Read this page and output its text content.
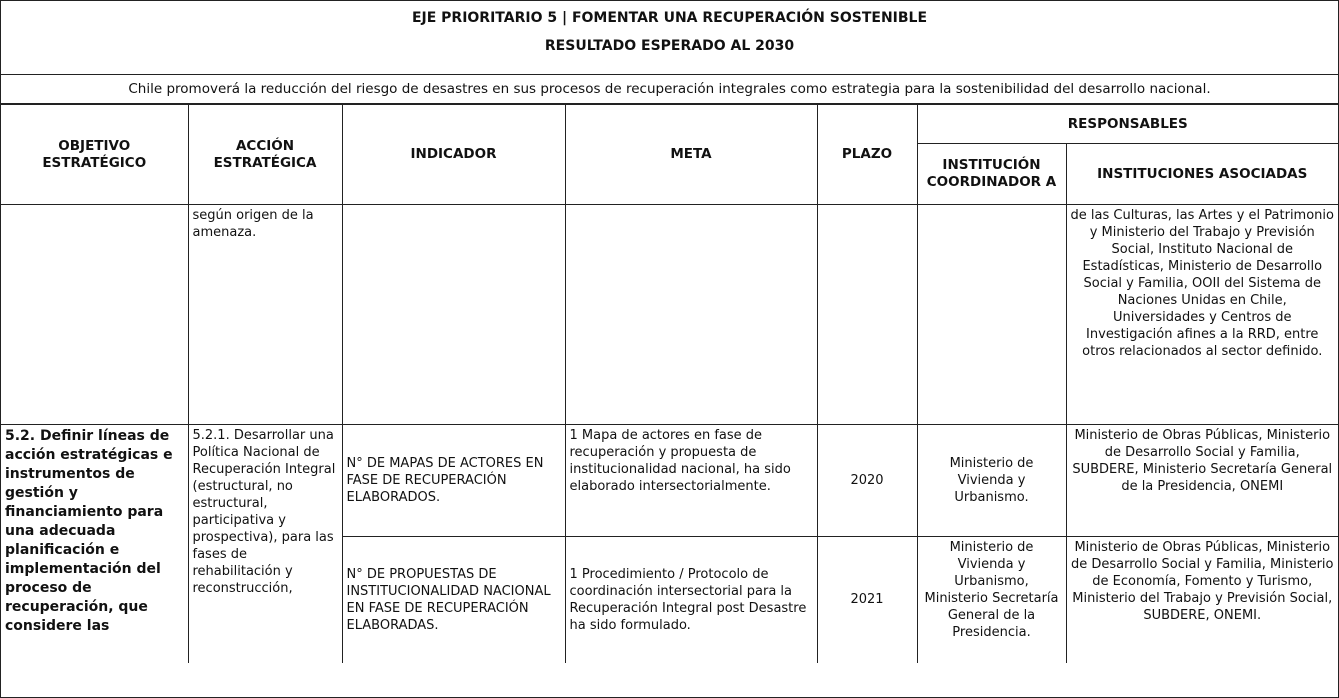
EJE PRIORITARIO 5 | FOMENTAR UNA RECUPERACIÓN SOSTENIBLE
RESULTADO ESPERADO AL 2030
Chile promoverá la reducción del riesgo de desastres en sus procesos de recuperación integrales como estrategia para la sostenibilidad del desarrollo nacional.
OBJETIVO ESTRATÉGICO	ACCIÓN ESTRATÉGICA	INDICADOR	META	PLAZO	RESPONSABLES	
					INSTITUCIÓN COORDINADOR A	INSTITUCIONES ASOCIADAS
	según origen de la amenaza.					de las Culturas, las Artes y el Patrimonio y Ministerio del Trabajo y Previsión Social, Instituto Nacional de Estadísticas, Ministerio de Desarrollo Social y Familia, OOII del Sistema de Naciones Unidas en Chile, Universidades y Centros de Investigación afines a la RRD, entre otros relacionados al sector definido.
5.2. Definir líneas de acción estratégicas e instrumentos de gestión y financiamiento para una adecuada planificación e implementación del proceso de recuperación, que considere las	5.2.1. Desarrollar una Política Nacional de Recuperación Integral (estructural, no estructural, participativa y prospectiva), para las fases de rehabilitación y reconstrucción,	N° DE MAPAS DE ACTORES EN FASE DE RECUPERACIÓN ELABORADOS.	1 Mapa de actores en fase de recuperación y propuesta de institucionalidad nacional, ha sido elaborado intersectorialmente.	2020	Ministerio de Vivienda y Urbanismo.	Ministerio de Obras Públicas, Ministerio de Desarrollo Social y Familia, SUBDERE, Ministerio Secretaría General de la Presidencia, ONEMI
		N° DE PROPUESTAS DE INSTITUCIONALIDAD NACIONAL EN FASE DE RECUPERACIÓN ELABORADAS.	1 Procedimiento / Protocolo de coordinación intersectorial para la Recuperación Integral post Desastre ha sido formulado.	2021	Ministerio de Vivienda y Urbanismo, Ministerio Secretaría General de la Presidencia.	Ministerio de Obras Públicas, Ministerio de Desarrollo Social y Familia, Ministerio de Economía, Fomento y Turismo, Ministerio del Trabajo y Previsión Social, SUBDERE, ONEMI.
